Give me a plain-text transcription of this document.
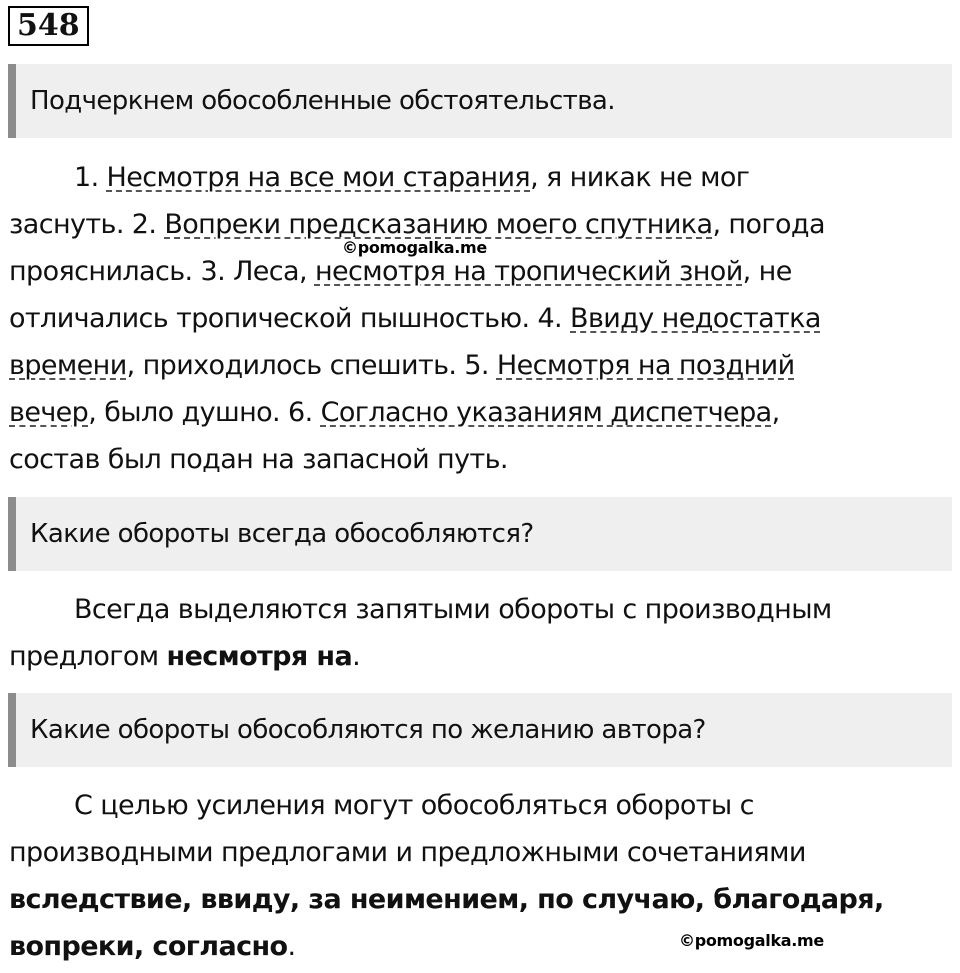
548
Подчеркнем обособленные обстоятельства.
1. Несмотря на все мои старания, я никак не мог
заснуть. 2. Вопреки предсказанию моего спутника, погода
прояснилась. 3. Леса, несмотря на тропический зной, не
отличались тропической пышностью. 4. Ввиду недостатка
времени, приходилось спешить. 5. Несмотря на поздний
вечер, было душно. 6. Согласно указаниям диспетчера,
состав был подан на запасной путь.
©pomogalka.me
Какие обороты всегда обособляются?
Всегда выделяются запятыми обороты с производным
предлогом несмотря на.
Какие обороты обособляются по желанию автора?
С целью усиления могут обособляться обороты с
производными предлогами и предложными сочетаниями
вследствие, ввиду, за неимением, по случаю, благодаря,
вопреки, согласно.	©pomogalka.me
